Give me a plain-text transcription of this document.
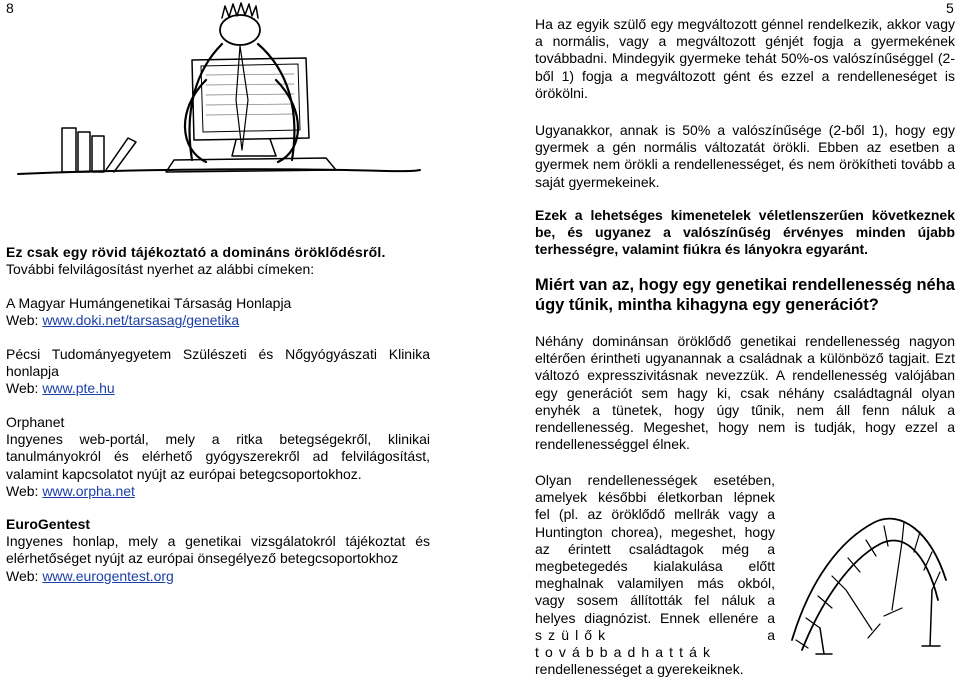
8	5

Ez csak egy rövid tájékoztató a domináns öröklődésről.

További felvilágosítást nyerhet az alábbi címeken:

A Magyar Humángenetikai Társaság Honlapja

Web: www.doki.net/tarsasag/genetika

Pécsi Tudományegyetem Szülészeti és Nőgyógyászati Klinika honlapja

Web: www.pte.hu

Orphanet

Ingyenes web-portál, mely a ritka betegségekről, klinikai tanulmányokról és elérhető gyógyszerekről ad felvilágosítást, valamint kapcsolatot nyújt az európai betegcsoportokhoz.

Web: www.orpha.net

EuroGentest

Ingyenes honlap, mely a genetikai vizsgálatokról tájékoztat és elérhetőséget nyújt az európai önsegélyező betegcsoportokhoz

Web: www.eurogentest.org

Ha az egyik szülő egy megváltozott génnel rendelkezik, akkor vagy a normális, vagy a megváltozott génjét fogja a gyermekének továbbadni. Mindegyik gyermeke tehát 50%-os valószínűséggel (2-ből 1) fogja a megváltozott gént és ezzel a rendelleneséget is örökölni.

Ugyanakkor, annak is 50% a valószínűsége (2-ből 1), hogy egy gyermek a gén normális változatát örökli. Ebben az esetben a gyermek nem örökli a rendellenességet, és nem örökítheti tovább a saját gyermekeinek.

Ezek a lehetséges kimenetelek véletlenszerűen következnek be, és ugyanez a valószínűség érvényes minden újabb terhességre, valamint fiúkra és lányokra egyaránt.

Miért van az, hogy egy genetikai rendellenesség néha úgy tűnik, mintha kihagyna egy generációt?

Néhány dominánsan öröklődő genetikai rendellenesség nagyon eltérően érintheti ugyanannak a családnak a különböző tagjait. Ezt változó expresszivitásnak nevezzük. A rendellenesség valójában egy generációt sem hagy ki, csak néhány családtagnál olyan enyhék a tünetek, hogy úgy tűnik, nem áll fenn náluk a rendellenesség. Megeshet, hogy nem is tudják, hogy ezzel a rendellenességgel élnek.

Olyan rendellenességek esetében,

amelyek későbbi életkorban lépnek

fel (pl. az öröklődő mellrák vagy a

Huntington chorea), megeshet, hogy

az érintett családtagok még a

megbetegedés kialakulása előtt

meghalnak valamilyen más okból,

vagy sosem állították fel náluk a

helyes diagnózist. Ennek ellenére a

szülők továbbadhatták
a

rendellenességet a gyerekeiknek.
